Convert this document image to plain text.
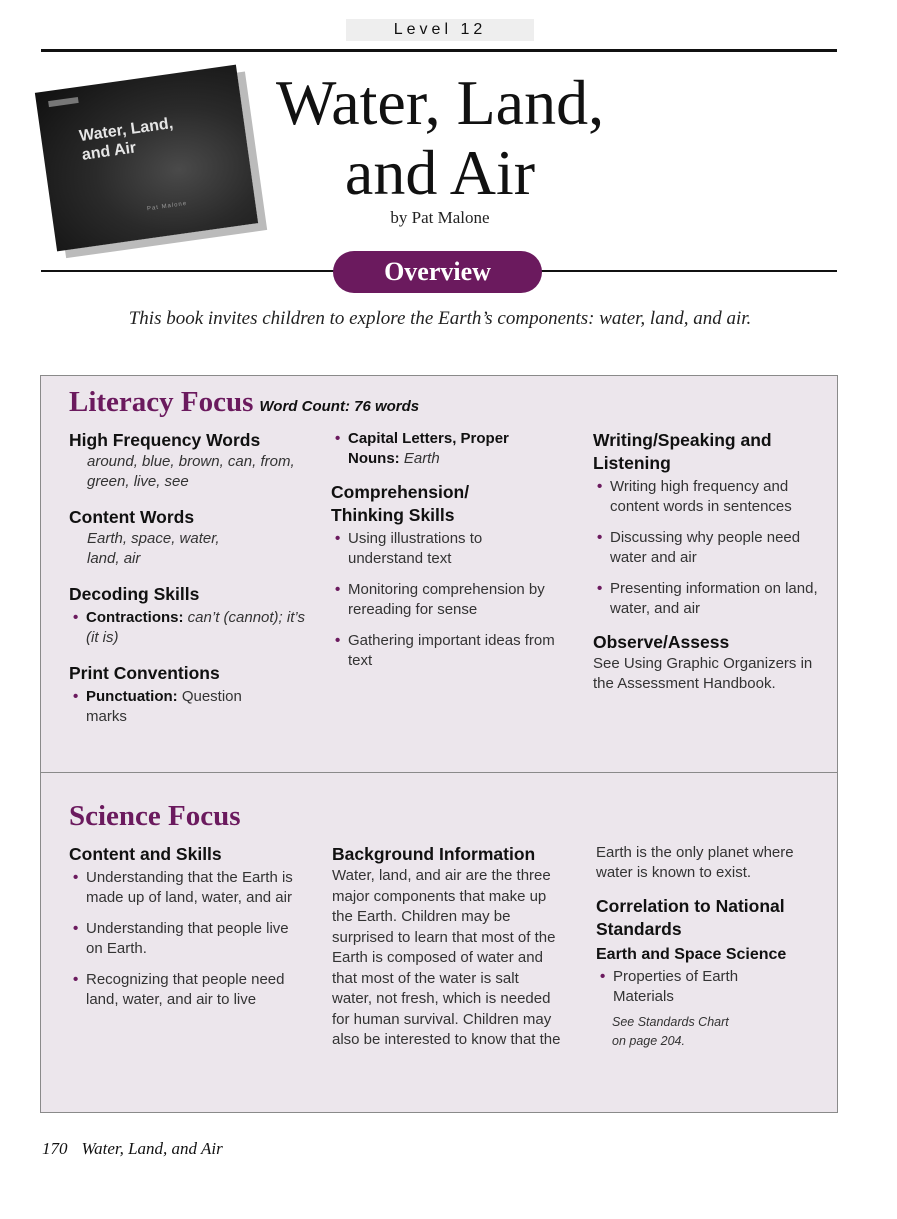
Level 12
Water, Land, and Air
Pat Malone
Water, Land,
and Air
by Pat Malone
Overview
This book invites children to explore the Earth’s components: water, land, and air.
Literacy Focus Word Count: 76 words
High Frequency Words
around, blue, brown, can, from, green, live, see
Content Words
Earth, space, water, land, air
Decoding Skills
• Contractions: can’t (cannot); it’s (it is)
Print Conventions
• Punctuation: Question marks
• Capital Letters, Proper Nouns: Earth
Comprehension/ Thinking Skills
• Using illustrations to understand text
• Monitoring comprehension by rereading for sense
• Gathering important ideas from text
Writing/Speaking and Listening
• Writing high frequency and content words in sentences
• Discussing why people need water and air
• Presenting information on land, water, and air
Observe/Assess
See Using Graphic Organizers in the Assessment Handbook.
Science Focus
Content and Skills
• Understanding that the Earth is made up of land, water, and air
• Understanding that people live on Earth.
• Recognizing that people need land, water, and air to live
Background Information
Water, land, and air are the three major components that make up the Earth. Children may be surprised to learn that most of the Earth is composed of water and that most of the water is salt water, not fresh, which is needed for human survival. Children may also be interested to know that the
Earth is the only planet where water is known to exist.
Correlation to National Standards
Earth and Space Science
• Properties of Earth Materials
See Standards Chart on page 204.
170 Water, Land, and Air
